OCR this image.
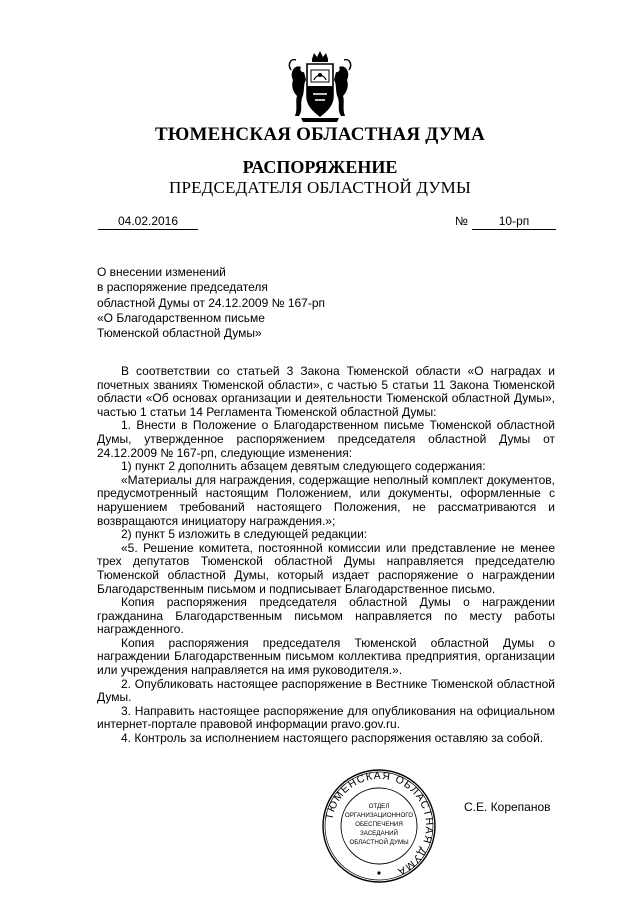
ТЮМЕНСКАЯ ОБЛАСТНАЯ ДУМА
РАСПОРЯЖЕНИЕ
ПРЕДСЕДАТЕЛЯ ОБЛАСТНОЙ ДУМЫ
04.02.2016	№	10-рп
О внесении изменений
в распоряжение председателя
областной Думы от 24.12.2009 № 167-рп
«О Благодарственном письме
Тюменской областной Думы»

В соответствии со статьей 3 Закона Тюменской области «О наградах и почетных званиях Тюменской области», с частью 5 статьи 11 Закона Тюменской области «Об основах организации и деятельности Тюменской областной Думы», частью 1 статьи 14 Регламента Тюменской областной Думы:

1. Внести в Положение о Благодарственном письме Тюменской областной Думы, утвержденное распоряжением председателя областной Думы от 24.12.2009 № 167-рп, следующие изменения:

1) пункт 2 дополнить абзацем девятым следующего содержания:

«Материалы для награждения, содержащие неполный комплект документов, предусмотренный настоящим Положением, или документы, оформленные с нарушением требований настоящего Положения, не рассматриваются и возвращаются инициатору награждения.»;

2) пункт 5 изложить в следующей редакции:

«5. Решение комитета, постоянной комиссии или представление не менее трех депутатов Тюменской областной Думы направляется председателю Тюменской областной Думы, который издает распоряжение о награждении Благодарственным письмом и подписывает Благодарственное письмо.

Копия распоряжения председателя областной Думы о награждении гражданина Благодарственным письмом направляется по месту работы награжденного.

Копия распоряжения председателя Тюменской областной Думы о награждении Благодарственным письмом коллектива предприятия, организации или учреждения направляется на имя руководителя.».

2. Опубликовать настоящее распоряжение в Вестнике Тюменской областной Думы.

3. Направить настоящее распоряжение для опубликования на официальном интернет-портале правовой информации pravo.gov.ru.

4. Контроль за исполнением настоящего распоряжения оставляю за собой.

ТЮМЕНСКАЯ ОБЛАСТНАЯ ДУМА
ОТДЕЛ
ОРГАНИЗАЦИОННОГО
ОБЕСПЕЧЕНИЯ
ЗАСЕДАНИЙ
ОБЛАСТНОЙ ДУМЫ
С.Е. Корепанов
